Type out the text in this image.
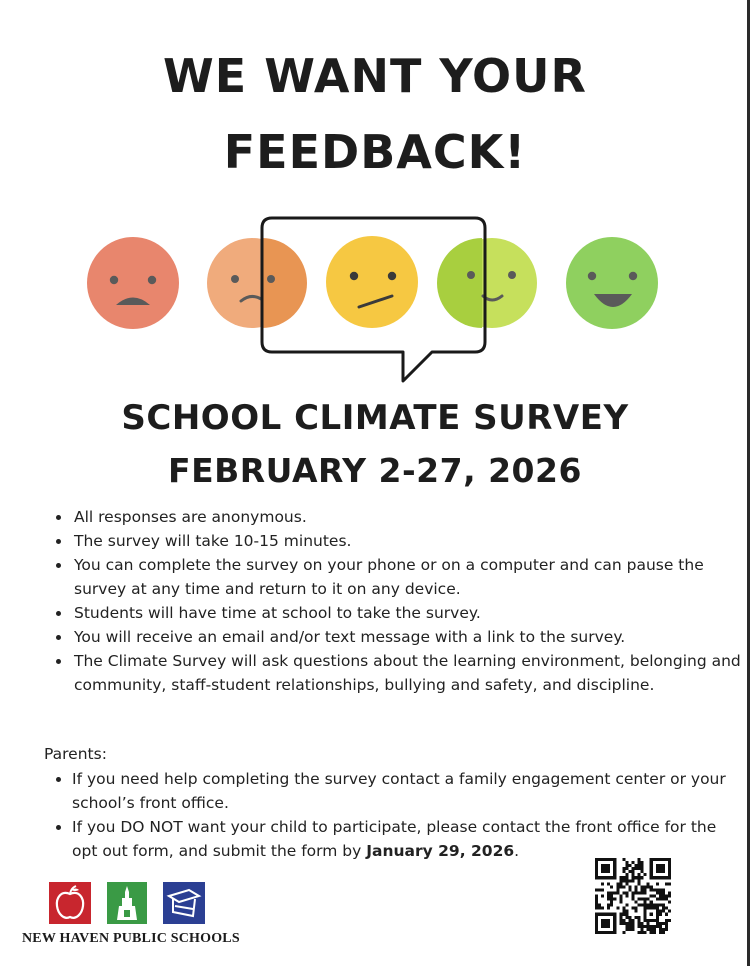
WE WANT YOUR
FEEDBACK!
SCHOOL CLIMATE SURVEY
FEBRUARY 2-27, 2026
• All responses are anonymous.
• The survey will take 10-15 minutes.
• You can complete the survey on your phone or on a computer and can pause the survey at any time and return to it on any device.
• Students will have time at school to take the survey.
• You will receive an email and/or text message with a link to the survey.
• The Climate Survey will ask questions about the learning environment, belonging and community, staff-student relationships, bullying and safety, and discipline.

Parents:

• If you need help completing the survey contact a family engagement center or your school’s front office.
• If you DO NOT want your child to participate, please contact the front office for the opt out form, and submit the form by January 29, 2026.

NEW HAVEN PUBLIC SCHOOLS
